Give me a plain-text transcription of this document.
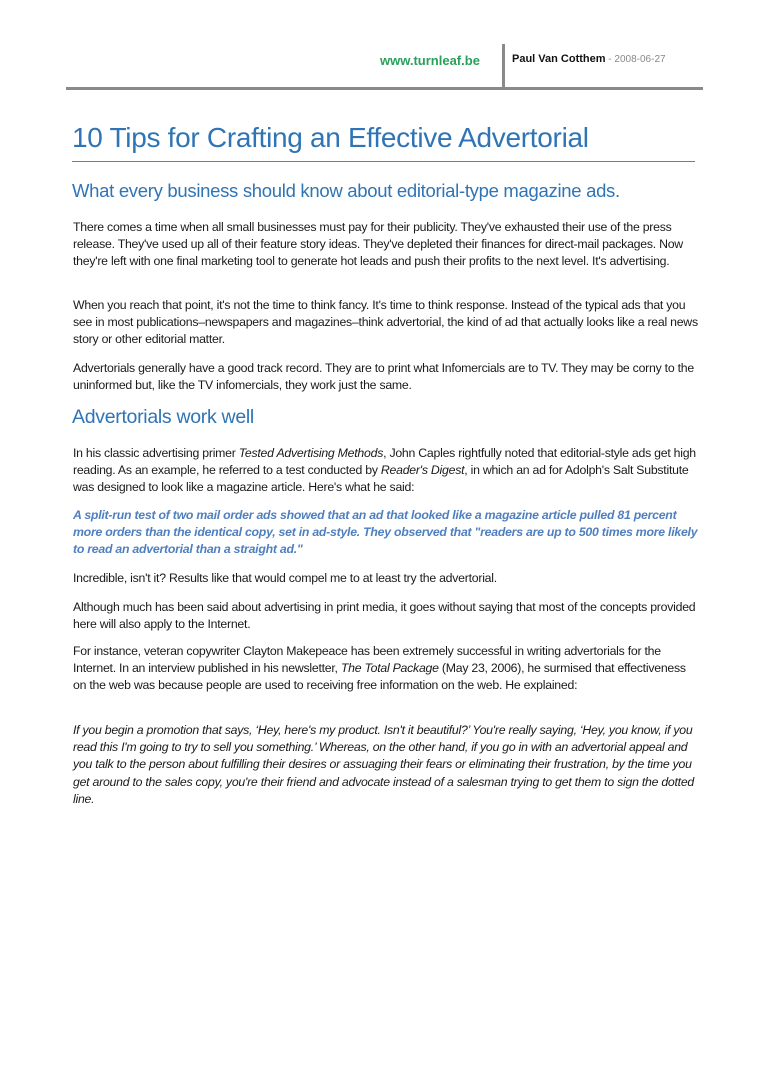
www.turnleaf.be	Paul Van Cotthem - 2008-06-27
10 Tips for Crafting an Effective Advertorial
What every business should know about editorial-type magazine ads.
There comes a time when all small businesses must pay for their publicity. They've exhausted their use of the press release. They've used up all of their feature story ideas. They've depleted their finances for direct-mail packages. Now they're left with one final marketing tool to generate hot leads and push their profits to the next level. It's advertising.
When you reach that point, it's not the time to think fancy. It's time to think response. Instead of the typical ads that you see in most publications–newspapers and magazines–think advertorial, the kind of ad that actually looks like a real news story or other editorial matter.
Advertorials generally have a good track record. They are to print what Infomercials are to TV. They may be corny to the uninformed but, like the TV infomercials, they work just the same.
Advertorials work well
In his classic advertising primer Tested Advertising Methods, John Caples rightfully noted that editorial-style ads get high reading. As an example, he referred to a test conducted by Reader's Digest, in which an ad for Adolph's Salt Substitute was designed to look like a magazine article. Here's what he said:
A split-run test of two mail order ads showed that an ad that looked like a magazine article pulled 81 percent more orders than the identical copy, set in ad-style. They observed that "readers are up to 500 times more likely to read an advertorial than a straight ad."
Incredible, isn't it? Results like that would compel me to at least try the advertorial.
Although much has been said about advertising in print media, it goes without saying that most of the concepts provided here will also apply to the Internet.
For instance, veteran copywriter Clayton Makepeace has been extremely successful in writing advertorials for the Internet. In an interview published in his newsletter, The Total Package (May 23, 2006), he surmised that effectiveness on the web was because people are used to receiving free information on the web. He explained:
If you begin a promotion that says, ‘Hey, here's my product. Isn't it beautiful?’ You're really saying, ‘Hey, you know, if you read this I'm going to try to sell you something.’ Whereas, on the other hand, if you go in with an advertorial appeal and you talk to the person about fulfilling their desires or assuaging their fears or eliminating their frustration, by the time you get around to the sales copy, you're their friend and advocate instead of a salesman trying to get them to sign the dotted line.
